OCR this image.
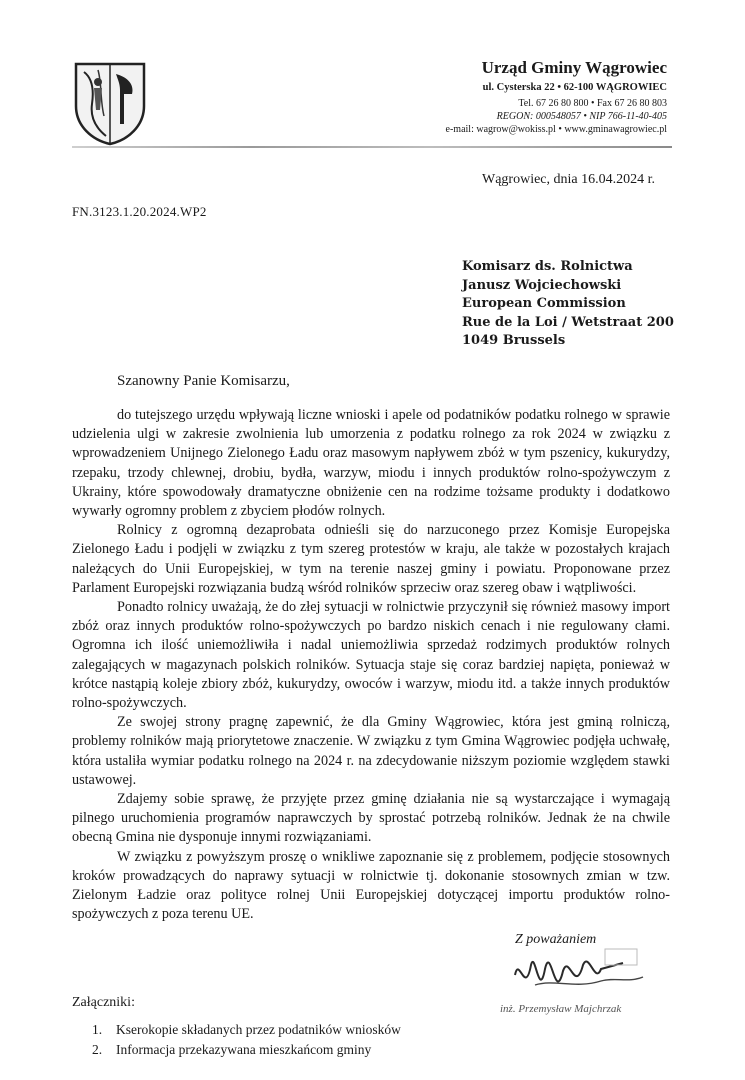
Urząd Gminy Wągrowiec
ul. Cysterska 22 • 62-100 WĄGROWIEC
Tel. 67 26 80 800 • Fax 67 26 80 803
REGON: 000548057 • NIP 766-11-40-405
e-mail: wagrow@wokiss.pl • www.gminawagrowiec.pl
Wągrowiec, dnia 16.04.2024 r.
FN.3123.1.20.2024.WP2
Komisarz ds. Rolnictwa
Janusz Wojciechowski
European Commission
Rue de la Loi / Wetstraat 200
1049 Brussels
Szanowny Panie Komisarzu,

do tutejszego urzędu wpływają liczne wnioski i apele od podatników podatku rolnego w sprawie udzielenia ulgi w zakresie zwolnienia lub umorzenia z podatku rolnego za rok 2024 w związku z wprowadzeniem Unijnego Zielonego Ładu oraz masowym napływem zbóż w tym pszenicy, kukurydzy, rzepaku, trzody chlewnej, drobiu, bydła, warzyw, miodu i innych produktów rolno-spożywczym z Ukrainy, które spowodowały dramatyczne obniżenie cen na rodzime tożsame produkty i dodatkowo wywarły ogromny problem z zbyciem płodów rolnych.

Rolnicy z ogromną dezaprobata odnieśli się do narzuconego przez Komisje Europejska Zielonego Ładu i podjęli w związku z tym szereg protestów w kraju, ale także w pozostałych krajach należących do Unii Europejskiej, w tym na terenie naszej gminy i powiatu. Proponowane przez Parlament Europejski rozwiązania budzą wśród rolników sprzeciw oraz szereg obaw i wątpliwości.

Ponadto rolnicy uważają, że do złej sytuacji w rolnictwie przyczynił się również masowy import zbóż oraz innych produktów rolno-spożywczych po bardzo niskich cenach i nie regulowany cłami. Ogromna ich ilość uniemożliwiła i nadal uniemożliwia sprzedaż rodzimych produktów rolnych zalegających w magazynach polskich rolników. Sytuacja staje się coraz bardziej napięta, ponieważ w krótce nastąpią koleje zbiory zbóż, kukurydzy, owoców i warzyw, miodu itd. a także innych produktów rolno-spożywczych.

Ze swojej strony pragnę zapewnić, że dla Gminy Wągrowiec, która jest gminą rolniczą, problemy rolników mają priorytetowe znaczenie. W związku z tym Gmina Wągrowiec podjęła uchwałę, która ustaliła wymiar podatku rolnego na 2024 r. na zdecydowanie niższym poziomie względem stawki ustawowej.

Zdajemy sobie sprawę, że przyjęte przez gminę działania nie są wystarczające i wymagają pilnego uruchomienia programów naprawczych by sprostać potrzebą rolników. Jednak że na chwile obecną Gmina nie dysponuje innymi rozwiązaniami.

W związku z powyższym proszę o wnikliwe zapoznanie się z problemem, podjęcie stosownych kroków prowadzących do naprawy sytuacji w rolnictwie tj. dokonanie stosownych zmian w tzw. Zielonym Ładzie oraz polityce rolnej Unii Europejskiej dotyczącej importu produktów rolno-spożywczych z poza terenu UE.

Z poważaniem
inż. Przemysław Majchrzak
Załączniki:
1. Kserokopie składanych przez podatników wniosków
2. Informacja przekazywana mieszkańcom gminy
